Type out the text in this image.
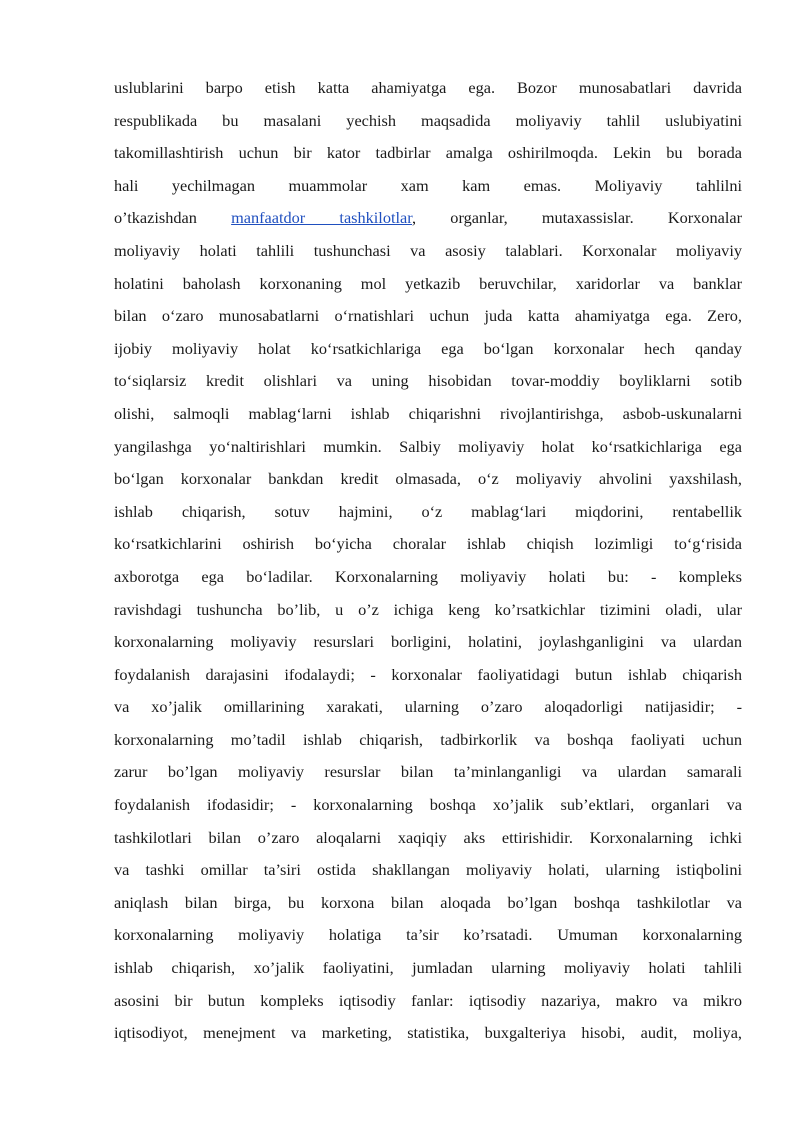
uslublarini barpo etish katta ahamiyatga ega. Bozor munosabatlari davrida
respublikada bu masalani yechish maqsadida moliyaviy tahlil uslubiyatini
takomillashtirish uchun bir kator tadbirlar amalga oshirilmoqda. Lekin bu borada
hali yechilmagan muammolar xam kam emas. Moliyaviy tahlilni
o’tkazishdan manfaatdor tashkilotlar, organlar, mutaxassislar. Korxonalar
moliyaviy holati tahlili tushunchasi va asosiy talablari. Korxonalar moliyaviy
holatini baholash korxonaning mol yetkazib beruvchilar, xaridorlar va banklar
bilan o‘zaro munosabatlarni o‘rnatishlari uchun juda katta ahamiyatga ega. Zero,
ijobiy moliyaviy holat ko‘rsatkichlariga ega bo‘lgan korxonalar hech qanday
to‘siqlarsiz kredit olishlari va uning hisobidan tovar-moddiy boyliklarni sotib
olishi, salmoqli mablag‘larni ishlab chiqarishni rivojlantirishga, asbob-uskunalarni
yangilashga yo‘naltirishlari mumkin. Salbiy moliyaviy holat ko‘rsatkichlariga ega
bo‘lgan korxonalar bankdan kredit olmasada, o‘z moliyaviy ahvolini yaxshilash,
ishlab chiqarish, sotuv hajmini, o‘z mablag‘lari miqdorini, rentabellik
ko‘rsatkichlarini oshirish bo‘yicha choralar ishlab chiqish lozimligi to‘g‘risida
axborotga ega bo‘ladilar. Korxonalarning moliyaviy holati bu: - kompleks
ravishdagi tushuncha bo’lib, u o’z ichiga keng ko’rsatkichlar tizimini oladi, ular
korxonalarning moliyaviy resurslari borligini, holatini, joylashganligini va ulardan
foydalanish darajasini ifodalaydi; - korxonalar faoliyatidagi butun ishlab chiqarish
va xo’jalik omillarining xarakati, ularning o’zaro aloqadorligi natijasidir; -
korxonalarning mo’tadil ishlab chiqarish, tadbirkorlik va boshqa faoliyati uchun
zarur bo’lgan moliyaviy resurslar bilan ta’minlanganligi va ulardan samarali
foydalanish ifodasidir; - korxonalarning boshqa xo’jalik sub’ektlari, organlari va
tashkilotlari bilan o’zaro aloqalarni xaqiqiy aks ettirishidir. Korxonalarning ichki
va tashki omillar ta’siri ostida shakllangan moliyaviy holati, ularning istiqbolini
aniqlash bilan birga, bu korxona bilan aloqada bo’lgan boshqa tashkilotlar va
korxonalarning moliyaviy holatiga ta’sir ko’rsatadi. Umuman korxonalarning
ishlab chiqarish, xo’jalik faoliyatini, jumladan ularning moliyaviy holati tahlili
asosini bir butun kompleks iqtisodiy fanlar: iqtisodiy nazariya, makro va mikro
iqtisodiyot, menejment va marketing, statistika, buxgalteriya hisobi, audit, moliya,
